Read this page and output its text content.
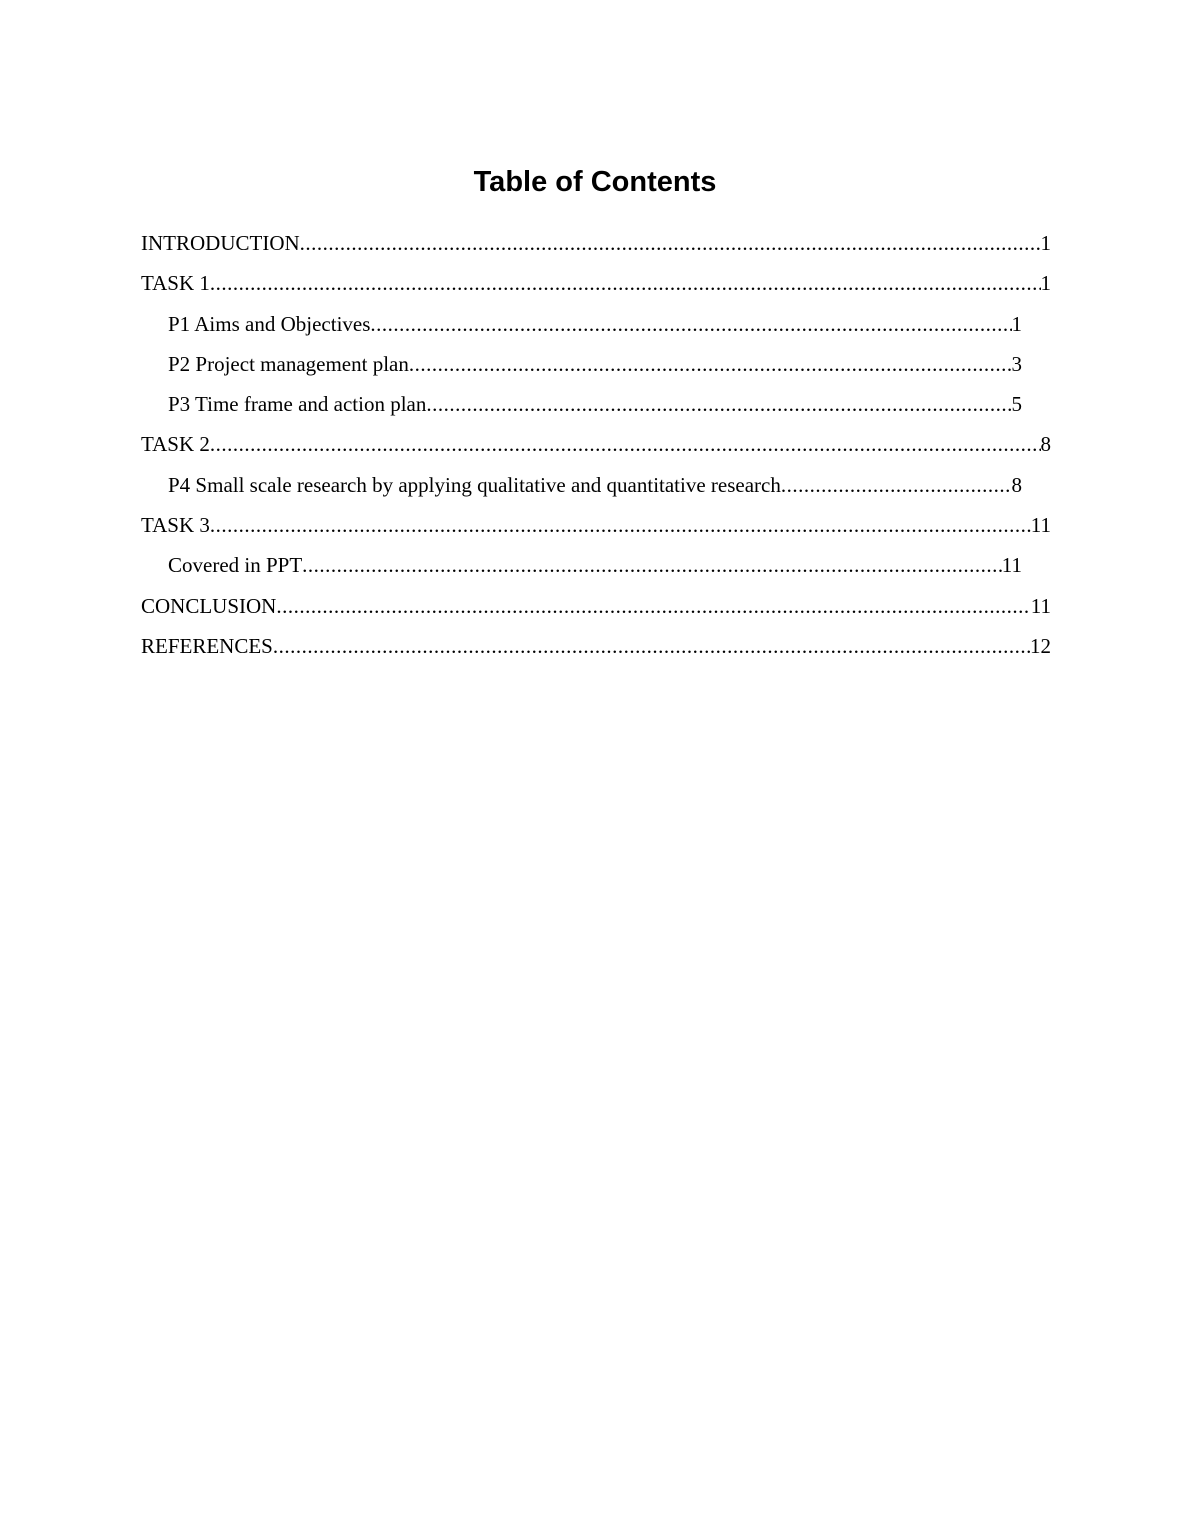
Table of Contents
INTRODUCTION .....	1
TASK 1 .....	1
P1 Aims and Objectives .....	1
P2 Project management plan .....	3
P3 Time frame and action plan .....	5
TASK 2 .....	8
P4 Small scale research by applying qualitative and quantitative research .....	8
TASK 3 .....	11
Covered in PPT .....	11
CONCLUSION .....	11
REFERENCES .....	12
